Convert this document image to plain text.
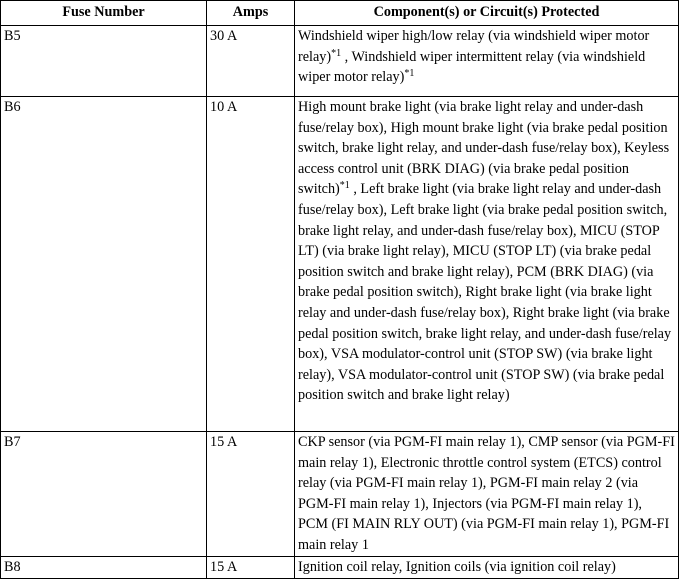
Fuse Number	Amps	Component(s) or Circuit(s) Protected
B5	30 A	Windshield wiper high/low relay (via windshield wiper motor relay)$^{*1}$ , Windshield wiper intermittent relay (via windshield wiper motor relay)$^{*1}$
B6	10 A	High mount brake light (via brake light relay and under-dash fuse/relay box), High mount brake light (via brake pedal position switch, brake light relay, and under-dash fuse/relay box), Keyless access control unit (BRK DIAG) (via brake pedal position switch)$^{*1}$ , Left brake light (via brake light relay and under-dash fuse/relay box), Left brake light (via brake pedal position switch, brake light relay, and under-dash fuse/relay box), MICU (STOP LT) (via brake light relay), MICU (STOP LT) (via brake pedal position switch and brake light relay), PCM (BRK DIAG) (via brake pedal position switch), Right brake light (via brake light relay and under-dash fuse/relay box), Right brake light (via brake pedal position switch, brake light relay, and under-dash fuse/relay box), VSA modulator-control unit (STOP SW) (via brake light relay), VSA modulator-control unit (STOP SW) (via brake pedal position switch and brake light relay)
B7	15 A	CKP sensor (via PGM-FI main relay 1), CMP sensor (via PGM-FI main relay 1), Electronic throttle control system (ETCS) control relay (via PGM-FI main relay 1), PGM-FI main relay 2 (via PGM-FI main relay 1), Injectors (via PGM-FI main relay 1), PCM (FI MAIN RLY OUT) (via PGM-FI main relay 1), PGM-FI main relay 1
B8	15 A	Ignition coil relay, Ignition coils (via ignition coil relay)
